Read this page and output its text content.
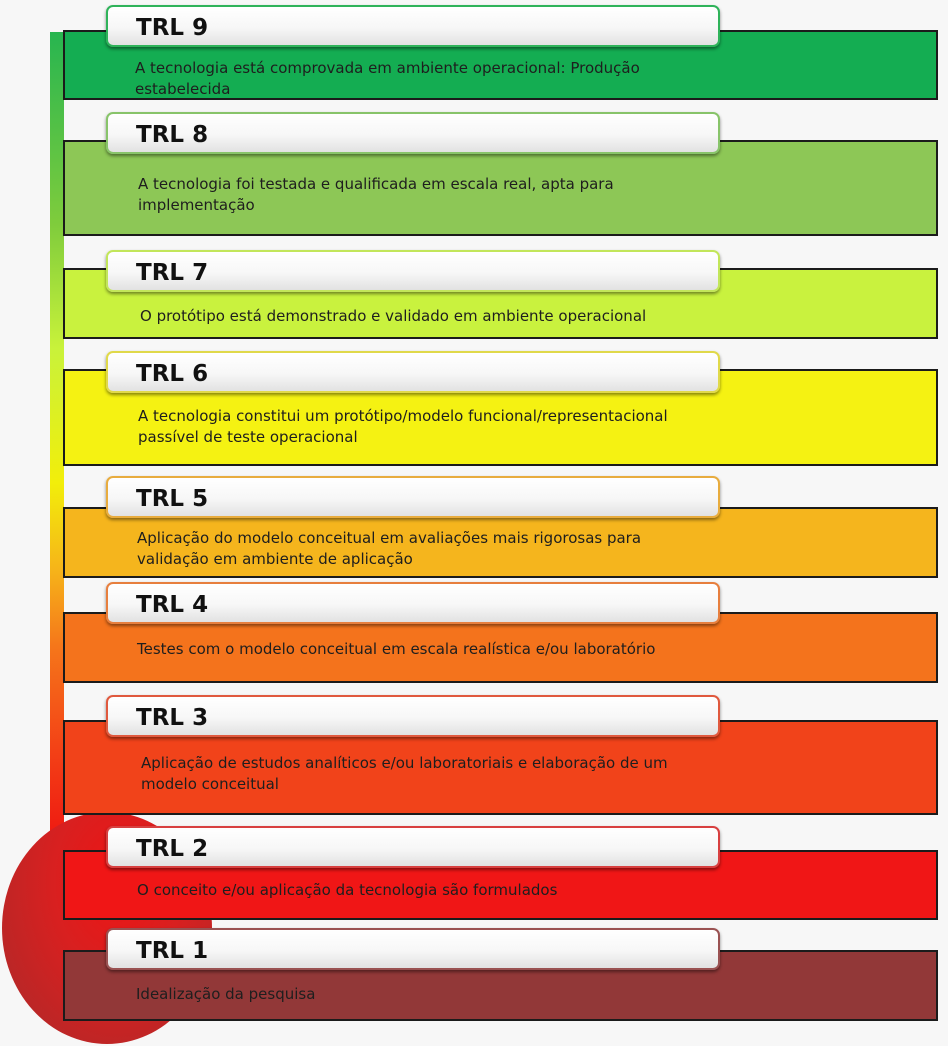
A tecnologia está comprovada em ambiente operacional: Produção
estabelecida
TRL 9
A tecnologia foi testada e qualificada em escala real, apta para
implementação
TRL 8
O protótipo está demonstrado e validado em ambiente operacional
TRL 7
A tecnologia constitui um protótipo/modelo funcional/representacional
passível de teste operacional
TRL 6
Aplicação do modelo conceitual em avaliações mais rigorosas para
validação em ambiente de aplicação
TRL 5
Testes com o modelo conceitual em escala realística e/ou laboratório
TRL 4
Aplicação de estudos analíticos e/ou laboratoriais e elaboração de um
modelo conceitual
TRL 3
O conceito e/ou aplicação da tecnologia são formulados
TRL 2
Idealização da pesquisa
TRL 1
